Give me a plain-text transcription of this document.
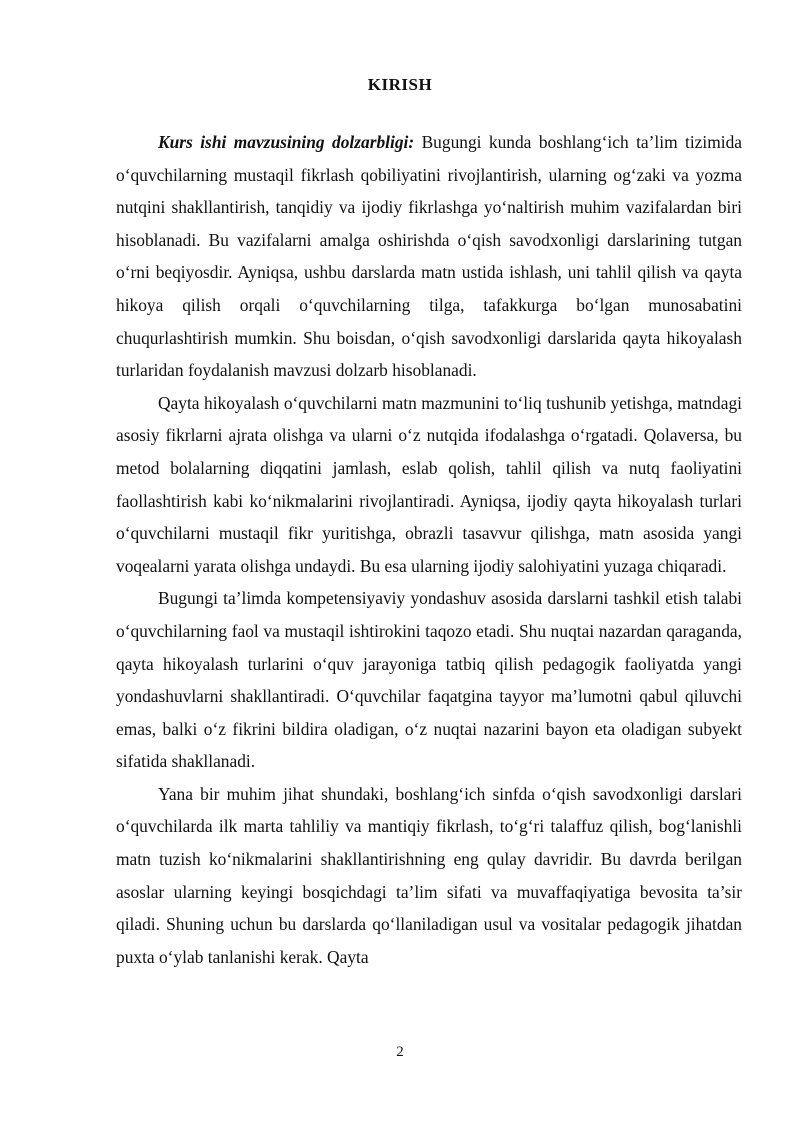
KIRISH

Kurs ishi mavzusining dolzarbligi: Bugungi kunda boshlang‘ich ta’lim tizimida o‘quvchilarning mustaqil fikrlash qobiliyatini rivojlantirish, ularning og‘zaki va yozma nutqini shakllantirish, tanqidiy va ijodiy fikrlashga yo‘naltirish muhim vazifalardan biri hisoblanadi. Bu vazifalarni amalga oshirishda o‘qish savodxonligi darslarining tutgan o‘rni beqiyosdir. Ayniqsa, ushbu darslarda matn ustida ishlash, uni tahlil qilish va qayta hikoya qilish orqali o‘quvchilarning tilga, tafakkurga bo‘lgan munosabatini chuqurlashtirish mumkin. Shu boisdan, o‘qish savodxonligi darslarida qayta hikoyalash turlaridan foydalanish mavzusi dolzarb hisoblanadi.

Qayta hikoyalash o‘quvchilarni matn mazmunini to‘liq tushunib yetishga, matndagi asosiy fikrlarni ajrata olishga va ularni o‘z nutqida ifodalashga o‘rgatadi. Qolaversa, bu metod bolalarning diqqatini jamlash, eslab qolish, tahlil qilish va nutq faoliyatini faollashtirish kabi ko‘nikmalarini rivojlantiradi. Ayniqsa, ijodiy qayta hikoyalash turlari o‘quvchilarni mustaqil fikr yuritishga, obrazli tasavvur qilishga, matn asosida yangi voqealarni yarata olishga undaydi. Bu esa ularning ijodiy salohiyatini yuzaga chiqaradi.

Bugungi ta’limda kompetensiyaviy yondashuv asosida darslarni tashkil etish talabi o‘quvchilarning faol va mustaqil ishtirokini taqozo etadi. Shu nuqtai nazardan qaraganda, qayta hikoyalash turlarini o‘quv jarayoniga tatbiq qilish pedagogik faoliyatda yangi yondashuvlarni shakllantiradi. O‘quvchilar faqatgina tayyor ma’lumotni qabul qiluvchi emas, balki o‘z fikrini bildira oladigan, o‘z nuqtai nazarini bayon eta oladigan subyekt sifatida shakllanadi.

Yana bir muhim jihat shundaki, boshlang‘ich sinfda o‘qish savodxonligi darslari o‘quvchilarda ilk marta tahliliy va mantiqiy fikrlash, to‘g‘ri talaffuz qilish, bog‘lanishli matn tuzish ko‘nikmalarini shakllantirishning eng qulay davridir. Bu davrda berilgan asoslar ularning keyingi bosqichdagi ta’lim sifati va muvaffaqiyatiga bevosita ta’sir qiladi. Shuning uchun bu darslarda qo‘llaniladigan usul va vositalar pedagogik jihatdan puxta o‘ylab tanlanishi kerak. Qayta

2
